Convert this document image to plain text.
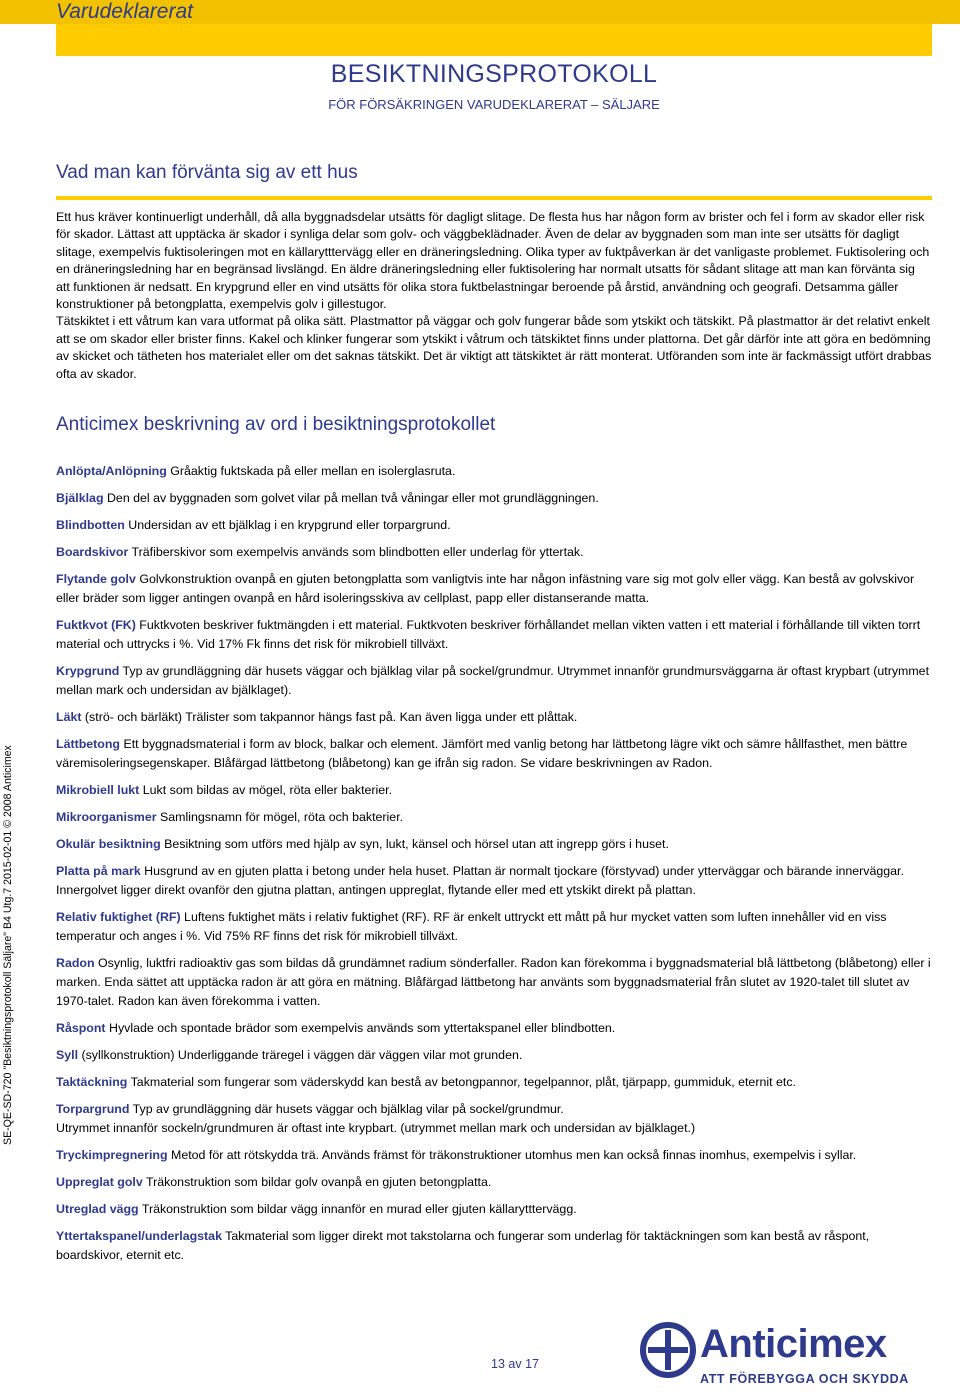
Varudeklarerat
BESIKTNINGSPROTOKOLL
FÖR FÖRSÄKRINGEN VARUDEKLARERAT – SÄLJARE
Vad man kan förvänta sig av ett hus

Ett hus kräver kontinuerligt underhåll, då alla byggnadsdelar utsätts för dagligt slitage. De flesta hus har någon form av brister och fel i form av skador eller risk för skador. Lättast att upptäcka är skador i synliga delar som golv- och väggbeklädnader. Även de delar av byggnaden som man inte ser utsätts för dagligt slitage, exempelvis fuktisoleringen mot en källarytttervägg eller en dräneringsledning. Olika typer av fuktpåverkan är det vanligaste problemet. Fuktisolering och en dräneringsledning har en begränsad livslängd. En äldre dräneringsledning eller fuktisolering har normalt utsatts för sådant slitage att man kan förvänta sig att funktionen är nedsatt. En krypgrund eller en vind utsätts för olika stora fuktbelastningar beroende på årstid, användning och geografi. Detsamma gäller konstruktioner på betongplatta, exempelvis golv i gillestugor.

Tätskiktet i ett våtrum kan vara utformat på olika sätt. Plastmattor på väggar och golv fungerar både som ytskikt och tätskikt. På plastmattor är det relativt enkelt att se om skador eller brister finns. Kakel och klinker fungerar som ytskikt i våtrum och tätskiktet finns under plattorna. Det går därför inte att göra en bedömning av skicket och tätheten hos materialet eller om det saknas tätskikt. Det är viktigt att tätskiktet är rätt monterat. Utföranden som inte är fackmässigt utfört drabbas ofta av skador.

Anticimex beskrivning av ord i besiktningsprotokollet

Anlöpta/Anlöpning Gråaktig fuktskada på eller mellan en isolerglasruta.

Bjälklag Den del av byggnaden som golvet vilar på mellan två våningar eller mot grundläggningen.

Blindbotten Undersidan av ett bjälklag i en krypgrund eller torpargrund.

Boardskivor Träfiberskivor som exempelvis används som blindbotten eller underlag för yttertak.

Flytande golv Golvkonstruktion ovanpå en gjuten betongplatta som vanligtvis inte har någon infästning vare sig mot golv eller vägg. Kan bestå av golvskivor eller bräder som ligger antingen ovanpå en hård isoleringsskiva av cellplast, papp eller distanserande matta.

Fuktkvot (FK) Fuktkvoten beskriver fuktmängden i ett material. Fuktkvoten beskriver förhållandet mellan vikten vatten i ett material i förhållande till vikten torrt material och uttrycks i %. Vid 17% Fk finns det risk för mikrobiell tillväxt.

Krypgrund Typ av grundläggning där husets väggar och bjälklag vilar på sockel/grundmur. Utrymmet innanför grundmursväggarna är oftast krypbart (utrymmet mellan mark och undersidan av bjälklaget).

Läkt (strö- och bärläkt) Trälister som takpannor hängs fast på. Kan även ligga under ett plåttak.

Lättbetong Ett byggnadsmaterial i form av block, balkar och element. Jämfört med vanlig betong har lättbetong lägre vikt och sämre hållfasthet, men bättre väremisoleringsegenskaper. Blåfärgad lättbetong (blåbetong) kan ge ifrån sig radon. Se vidare beskrivningen av Radon.

Mikrobiell lukt Lukt som bildas av mögel, röta eller bakterier.

Mikroorganismer Samlingsnamn för mögel, röta och bakterier.

Okulär besiktning Besiktning som utförs med hjälp av syn, lukt, känsel och hörsel utan att ingrepp görs i huset.

Platta på mark Husgrund av en gjuten platta i betong under hela huset. Plattan är normalt tjockare (förstyvad) under ytterväggar och bärande innerväggar. Innergolvet ligger direkt ovanför den gjutna plattan, antingen uppreglat, flytande eller med ett ytskikt direkt på plattan.

Relativ fuktighet (RF) Luftens fuktighet mäts i relativ fuktighet (RF). RF är enkelt uttryckt ett mått på hur mycket vatten som luften innehåller vid en viss temperatur och anges i %. Vid 75% RF finns det risk för mikrobiell tillväxt.

Radon Osynlig, luktfri radioaktiv gas som bildas då grundämnet radium sönderfaller. Radon kan förekomma i byggnadsmaterial blå lättbetong (blåbetong) eller i marken. Enda sättet att upptäcka radon är att göra en mätning. Blåfärgad lättbetong har använts som byggnadsmaterial från slutet av 1920-talet till slutet av 1970-talet. Radon kan även förekomma i vatten.

Råspont Hyvlade och spontade brädor som exempelvis används som yttertakspanel eller blindbotten.

Syll (syllkonstruktion) Underliggande trärege​l i väggen där väggen vilar mot grunden.

Taktäckning Takmaterial som fungerar som väderskydd kan bestå av betongpannor, tegelpannor, plåt, tjärpapp, gummiduk, eternit etc.

Torpargrund Typ av grundläggning där husets väggar och bjälklag vilar på sockel/grundmur.
Utrymmet innanför sockeln/grundmuren är oftast inte krypbart. (utrymmet mellan mark och undersidan av bjälklaget.)

Tryckimpregnering Metod för att rötskydda trä. Används främst för träkonstruktioner utomhus men kan också finnas inomhus, exempelvis i syllar.

Uppreglat golv Träkonstruktion som bildar golv ovanpå en gjuten betongplatta.

Utreglad vägg Träkonstruktion som bildar vägg innanför en murad eller gjuten källarytttervägg.

Yttertakspanel/underlagstak Takmaterial som ligger direkt mot takstolarna och fungerar som underlag för taktäckningen som kan bestå av råspont, boardskivor, eternit etc.

SE-QE-SD-720 "Besiktningsprotokoll Säljare" B4 Utg.7 2015-02-01 © 2008 Anticimex
13 av 17	Anticimex
ATT FÖREBYGGA OCH SKYDDA
